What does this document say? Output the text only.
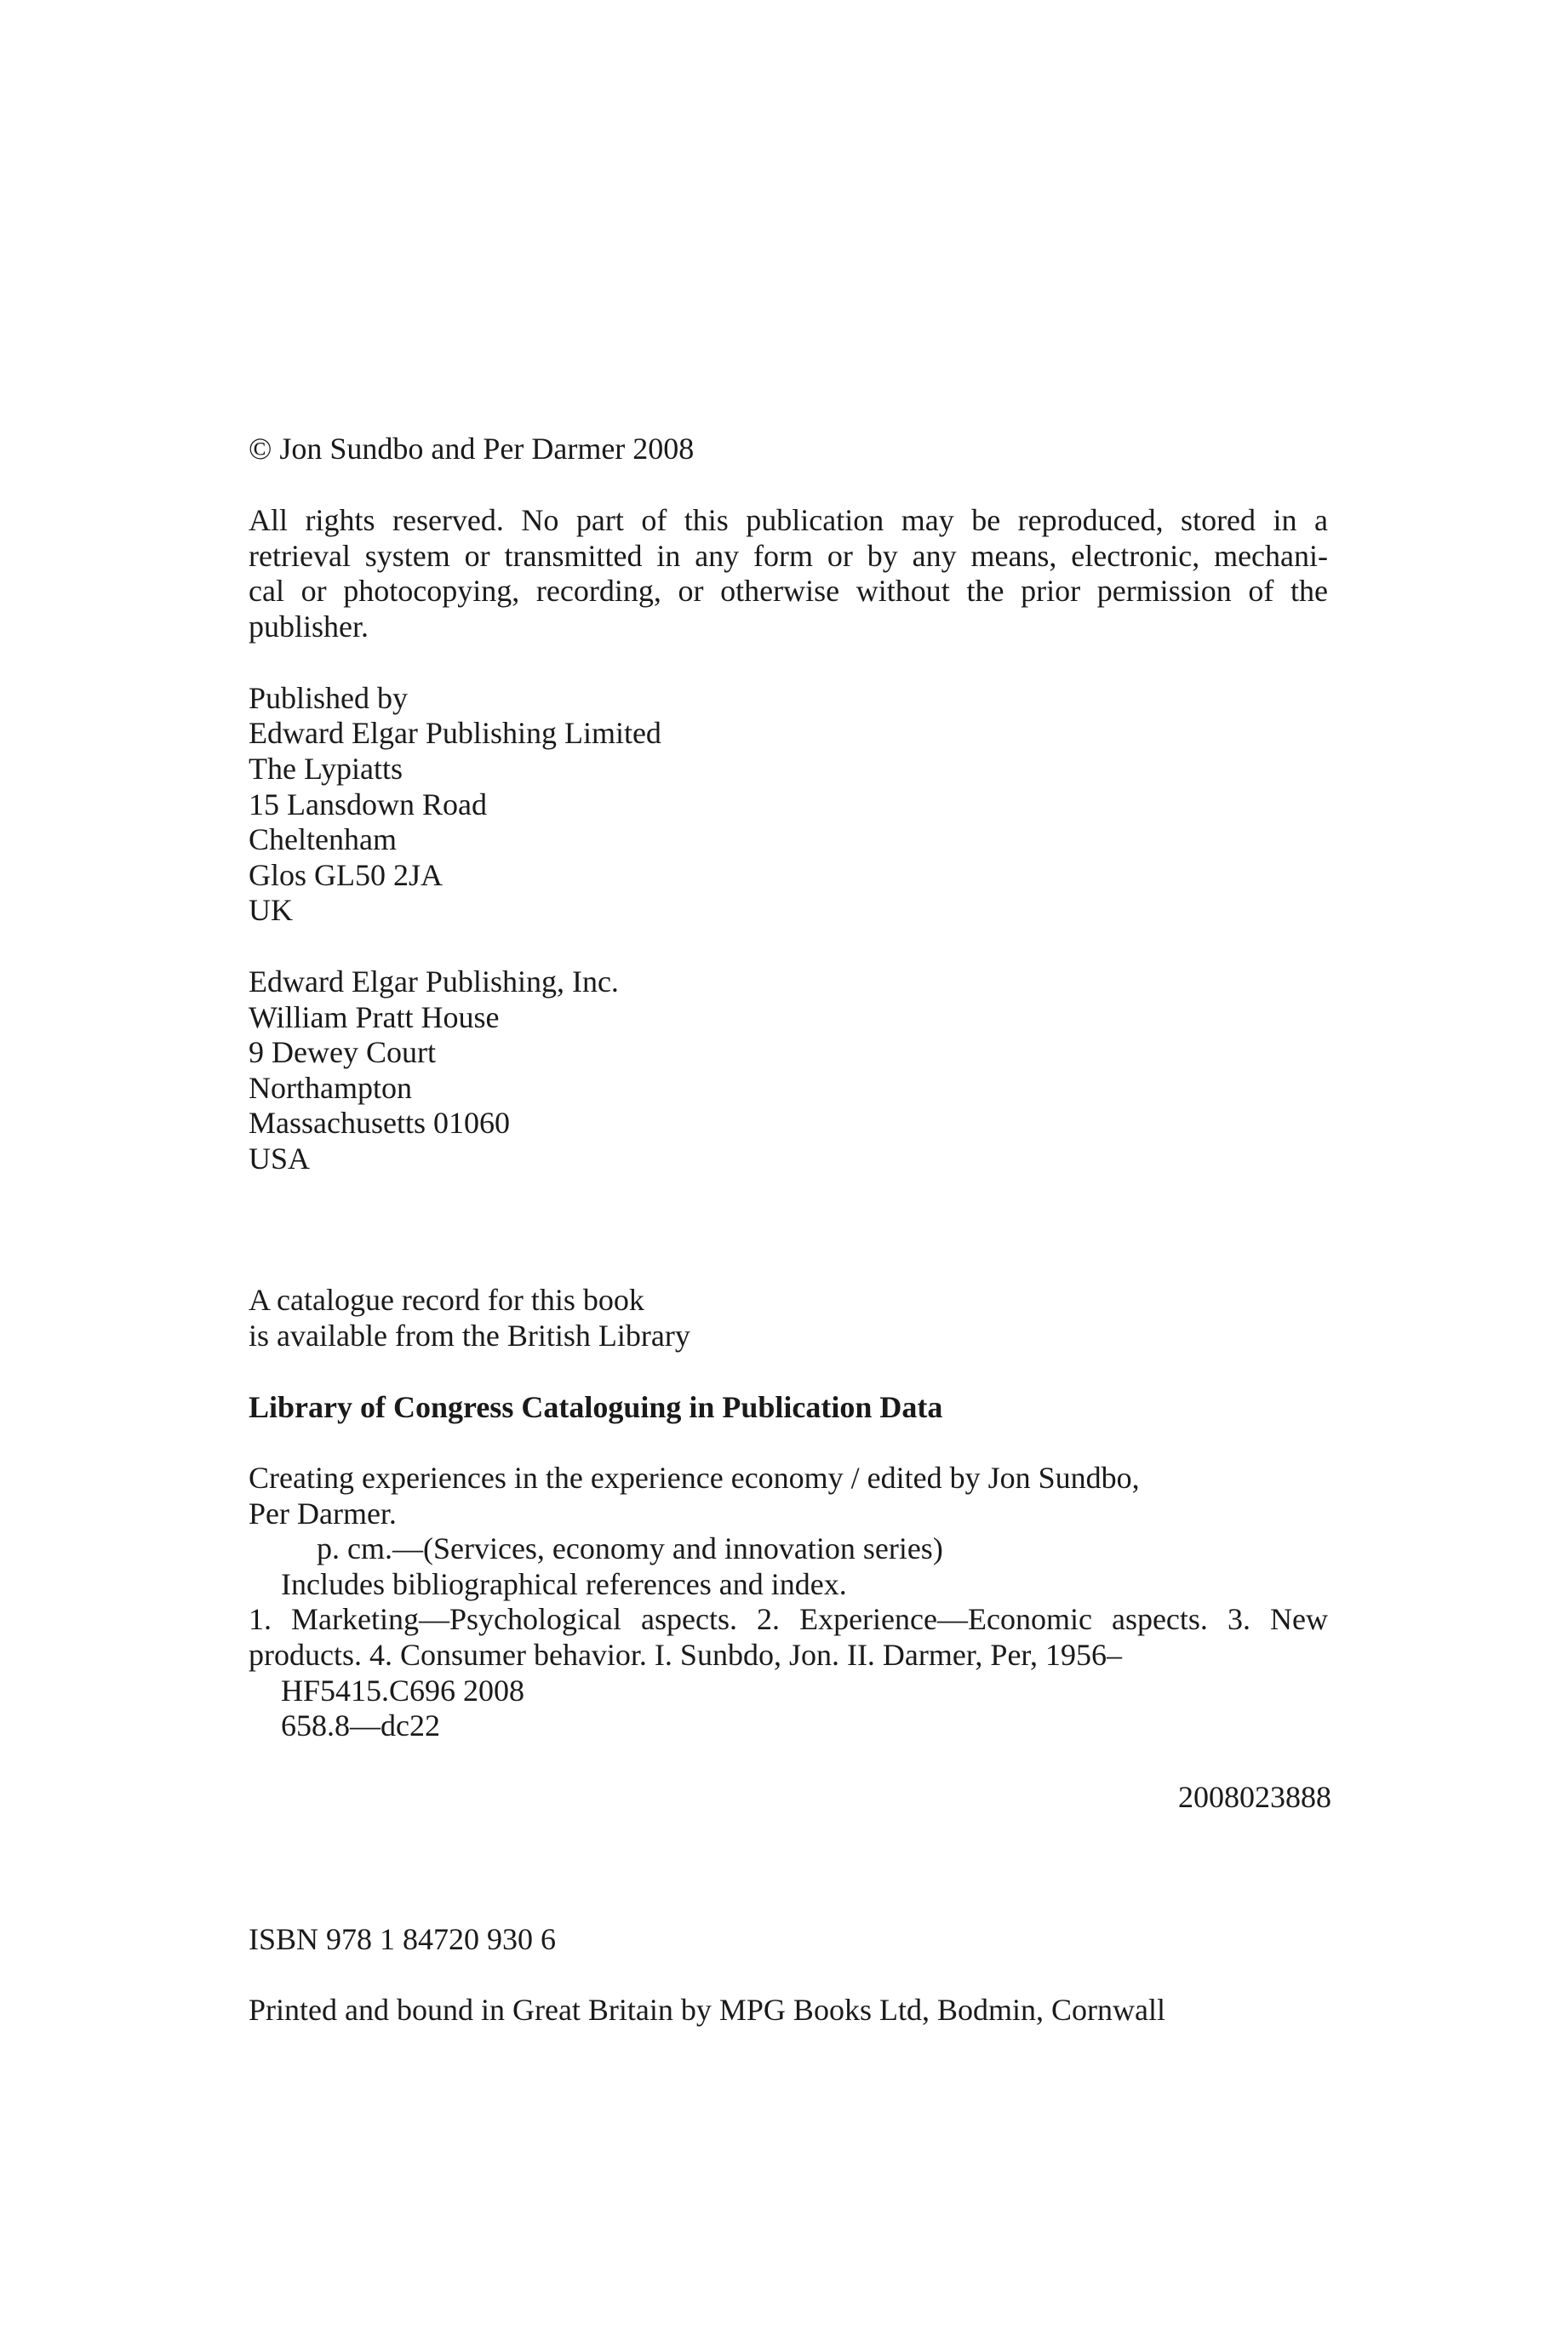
© Jon Sundbo and Per Darmer 2008
All rights reserved. No part of this publication may be reproduced, stored in a
retrieval system or transmitted in any form or by any means, electronic, mechani-
cal or photocopying, recording, or otherwise without the prior permission of the
publisher.
Published by
Edward Elgar Publishing Limited
The Lypiatts
15 Lansdown Road
Cheltenham
Glos GL50 2JA
UK
Edward Elgar Publishing, Inc.
William Pratt House
9 Dewey Court
Northampton
Massachusetts 01060
USA
A catalogue record for this book
is available from the British Library
Library of Congress Cataloguing in Publication Data
Creating experiences in the experience economy / edited by Jon Sundbo,
Per Darmer.
p. cm.—(Services, economy and innovation series)
Includes bibliographical references and index.
1. Marketing—Psychological aspects. 2. Experience—Economic aspects. 3. New
products. 4. Consumer behavior. I. Sunbdo, Jon. II. Darmer, Per, 1956–
HF5415.C696 2008
658.8—dc22
2008023888
ISBN 978 1 84720 930 6
Printed and bound in Great Britain by MPG Books Ltd, Bodmin, Cornwall
